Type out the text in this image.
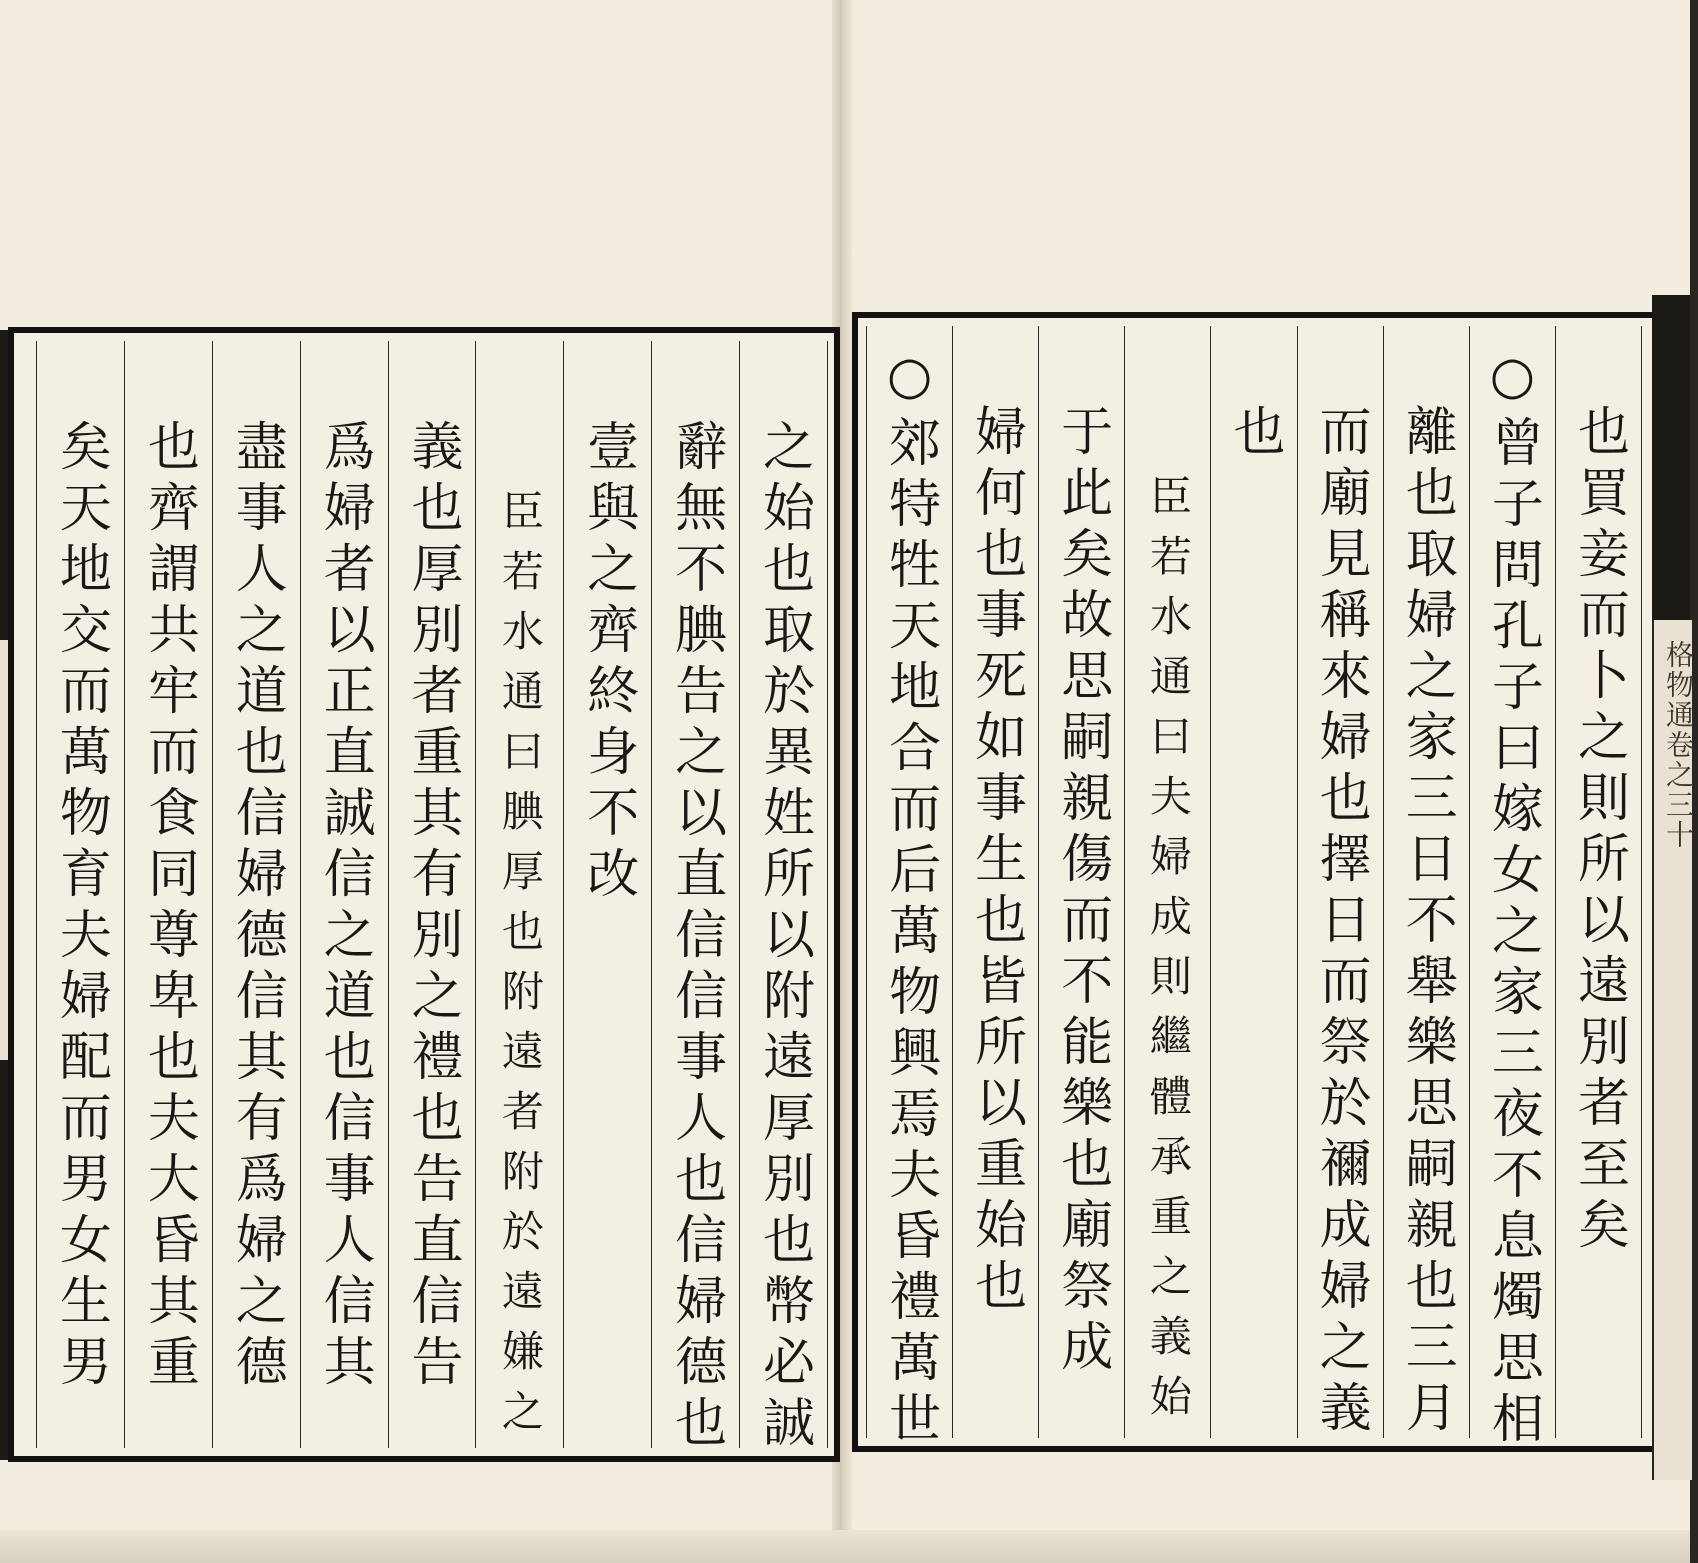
之始也取於異姓所以附遠厚別也幣必誠
辭無不腆告之以直信信事人也信婦德也
壹與之齊終身不改
臣若水通曰腆厚也附遠者附於遠嫌之
義也厚別者重其有別之禮也告直信告
爲婦者以正直誠信之道也信事人信其
盡事人之道也信婦德信其有爲婦之德
也齊謂共牢而食同尊卑也夫大昏其重
矣天地交而萬物育夫婦配而男女生男	也買妾而卜之則所以遠別者至矣
○曾子問孔子曰嫁女之家三夜不息燭思相
離也取婦之家三日不舉樂思嗣親也三月
而廟見稱來婦也擇日而祭於禰成婦之義
也
臣若水通曰夫婦成則繼體承重之義始
于此矣故思嗣親傷而不能樂也廟祭成
婦何也事死如事生也皆所以重始也
○郊特牲天地合而后萬物興焉夫昏禮萬世	格物通卷之三十
